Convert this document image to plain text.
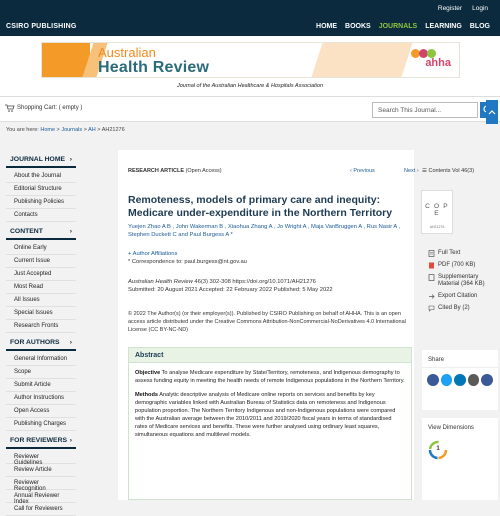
Register Login
CSIRO PUBLISHING	HOME BOOKS JOURNALS LEARNING BLOG
Australian
Health Review	ahha
Journal of the Australian Healthcare & Hospitals Association
Shopping Cart: ( empty )	Search This Journal...
You are here: Home > Journals > AH > AH21276
JOURNAL HOME ›
About the Journal
Editorial Structure
Publishing Policies
Contacts
CONTENT	›
Online Early
Current Issue
Just Accepted
Most Read
All Issues
Special Issues
Research Fronts
FOR AUTHORS ›
General Information
Scope
Submit Article
Author Instructions
Open Access
Publishing Charges
FOR REVIEWERS ›
Reviewer Guidelines
Review Article
Reviewer Recognition
Annual Reviewer Index
Call for Reviewers
RESEARCH ARTICLE (Open Access)	‹ Previous	Next ›
Remoteness, models of primary care and inequity: Medicare under-expenditure in the Northern Territory
Yuejen Zhao A B , John Wakerman B , Xiaohua Zhang A , Jo Wright A , Maja VanBruggen A , Rus Nasir A , Stephen Duckett C and Paul Burgess A *
+ Author Affiliations
* Correspondence to: paul.burgess@nt.gov.au
Australian Health Review 46(3) 302-308 https://doi.org/10.1071/AH21276
Submitted: 20 August 2021 Accepted: 22 February 2022 Published: 5 May 2022
© 2022 The Author(s) (or their employer(s)). Published by CSIRO Publishing on behalf of AHHA. This is an open access article distributed under the Creative Commons Attribution-NonCommercial-NoDerivatives 4.0 International License (CC BY-NC-ND)
Abstract
Objective To analyse Medicare expenditure by State/Territory, remoteness, and Indigenous demography to assess funding equity in meeting the health needs of remote Indigenous populations in the Northern Territory.
Methods Analytic descriptive analysis of Medicare online reports on services and benefits by key demographic variables linked with Australian Bureau of Statistics data on remoteness and Indigenous population proportion. The Northern Territory Indigenous and non-Indigenous populations were compared with the Australian average between the 2010/2011 and 2019/2020 fiscal years in terms of standardised rates of Medicare services and benefits. These were further analysed using ordinary least squares, simultaneous equations and multilevel models.
☰ Contents Vol 46(3)
C O P E
AH21276
Full Text
PDF (700 KB)
Supplementary Material (364 KB)
Export Citation
Cited By (2)
Share
View Dimensions
1
